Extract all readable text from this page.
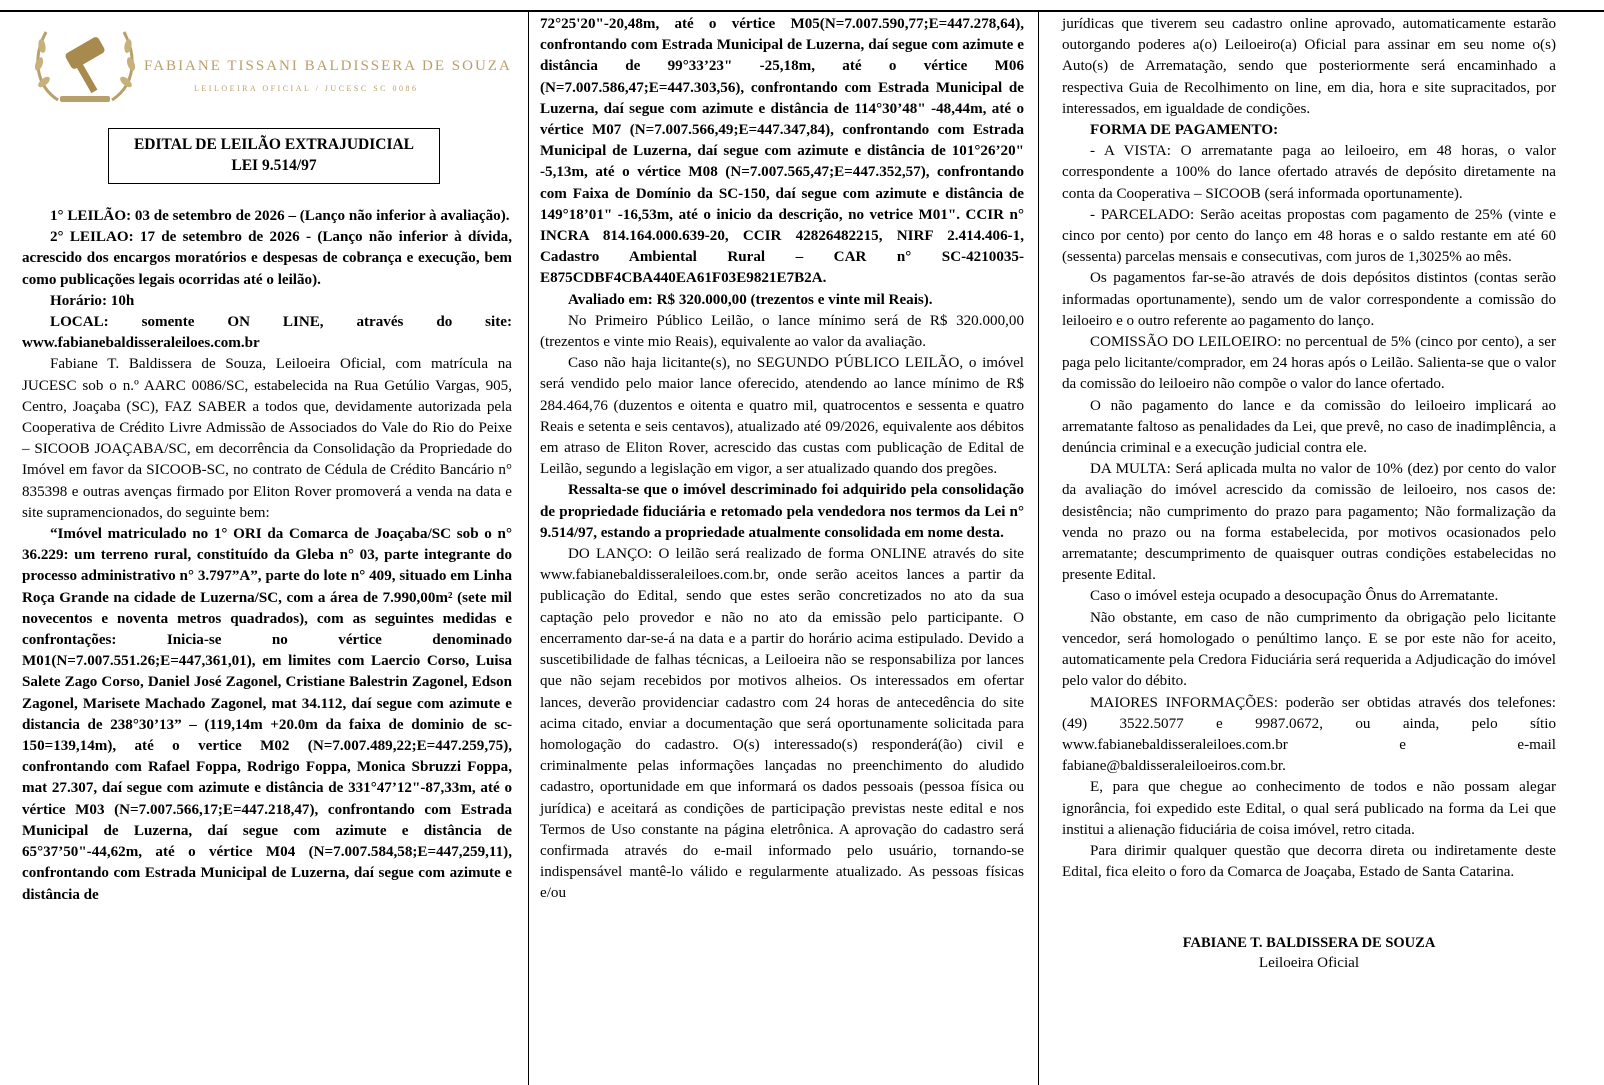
FABIANE TISSANI BALDISSERA DE SOUZA
LEILOEIRA OFICIAL / JUCESC SC 0086
EDITAL DE LEILÃO EXTRAJUDICIAL
LEI 9.514/97

1° LEILÃO: 03 de setembro de 2026 – (Lanço não inferior à avaliação).

2° LEILAO: 17 de setembro de 2026 - (Lanço não inferior à dívida, acrescido dos encargos moratórios e despesas de cobrança e execução, bem como publicações legais ocorridas até o leilão).

Horário: 10h

LOCAL: somente ON LINE, através do site: www.fabianebaldisseraleiloes.com.br

Fabiane T. Baldissera de Souza, Leiloeira Oficial, com matrícula na JUCESC sob o n.º AARC 0086/SC, estabelecida na Rua Getúlio Vargas, 905, Centro, Joaçaba (SC), FAZ SABER a todos que, devidamente autorizada pela Cooperativa de Crédito Livre Admissão de Associados do Vale do Rio do Peixe – SICOOB JOAÇABA/SC, em decorrência da Consolidação da Propriedade do Imóvel em favor da SICOOB-SC, no contrato de Cédula de Crédito Bancário n° 835398 e outras avenças firmado por Eliton Rover promoverá a venda na data e site supramencionados, do seguinte bem:

“Imóvel matriculado no 1° ORI da Comarca de Joaçaba/SC sob o n° 36.229: um terreno rural, constituído da Gleba n° 03, parte integrante do processo administrativo n° 3.797”A”, parte do lote n° 409, situado em Linha Roça Grande na cidade de Luzerna/SC, com a área de 7.990,00m² (sete mil novecentos e noventa metros quadrados), com as seguintes medidas e confrontações: Inicia-se no vértice denominado M01(N=7.007.551.26;E=447,361,01), em limites com Laercio Corso, Luisa Salete Zago Corso, Daniel José Zagonel, Cristiane Balestrin Zagonel, Edson Zagonel, Marisete Machado Zagonel, mat 34.112, daí segue com azimute e distancia de 238°30’13” – (119,14m +20.0m da faixa de dominio de sc-150=139,14m), até o vertice M02 (N=7.007.489,22;E=447.259,75), confrontando com Rafael Foppa, Rodrigo Foppa, Monica Sbruzzi Foppa, mat 27.307, daí segue com azimute e distância de 331°47’12"-87,33m, até o vértice M03 (N=7.007.566,17;E=447.218,47), confrontando com Estrada Municipal de Luzerna, daí segue com azimute e distância de 65°37’50"-44,62m, até o vértice M04 (N=7.007.584,58;E=447,259,11), confrontando com Estrada Municipal de Luzerna, daí segue com azimute e distância de

72°25'20"-20,48m, até o vértice M05(N=7.007.590,77;E=447.278,64), confrontando com Estrada Municipal de Luzerna, daí segue com azimute e distância de 99°33’23" -25,18m, até o vértice M06 (N=7.007.586,47;E=447.303,56), confrontando com Estrada Municipal de Luzerna, daí segue com azimute e distância de 114°30’48" -48,44m, até o vértice M07 (N=7.007.566,49;E=447.347,84), confrontando com Estrada Municipal de Luzerna, daí segue com azimute e distância de 101°26’20" -5,13m, até o vértice M08 (N=7.007.565,47;E=447.352,57), confrontando com Faixa de Domínio da SC-150, daí segue com azimute e distância de 149°18’01" -16,53m, até o inicio da descrição, no vetrice M01". CCIR n° INCRA 814.164.000.639-20, CCIR 42826482215, NIRF 2.414.406-1, Cadastro Ambiental Rural – CAR n° SC-4210035-E875CDBF4CBA440EA61F03E9821E7B2A.

Avaliado em: R$ 320.000,00 (trezentos e vinte mil Reais).

No Primeiro Público Leilão, o lance mínimo será de R$ 320.000,00 (trezentos e vinte mio Reais), equivalente ao valor da avaliação.

Caso não haja licitante(s), no SEGUNDO PÚBLICO LEILÃO, o imóvel será vendido pelo maior lance oferecido, atendendo ao lance mínimo de R$ 284.464,76 (duzentos e oitenta e quatro mil, quatrocentos e sessenta e quatro Reais e setenta e seis centavos), atualizado até 09/2026, equivalente aos débitos em atraso de Eliton Rover, acrescido das custas com publicação de Edital de Leilão, segundo a legislação em vigor, a ser atualizado quando dos pregões.

Ressalta-se que o imóvel descriminado foi adquirido pela consolidação de propriedade fiduciária e retomado pela vendedora nos termos da Lei n° 9.514/97, estando a propriedade atualmente consolidada em nome desta.

DO LANÇO: O leilão será realizado de forma ONLINE através do site www.fabianebaldisseraleiloes.com.br, onde serão aceitos lances a partir da publicação do Edital, sendo que estes serão concretizados no ato da sua captação pelo provedor e não no ato da emissão pelo participante. O encerramento dar-se-á na data e a partir do horário acima estipulado. Devido a suscetibilidade de falhas técnicas, a Leiloeira não se responsabiliza por lances que não sejam recebidos por motivos alheios. Os interessados em ofertar lances, deverão providenciar cadastro com 24 horas de antecedência do site acima citado, enviar a documentação que será oportunamente solicitada para homologação do cadastro. O(s) interessado(s) responderá(ão) civil e criminalmente pelas informações lançadas no preenchimento do aludido cadastro, oportunidade em que informará os dados pessoais (pessoa física ou jurídica) e aceitará as condições de participação previstas neste edital e nos Termos de Uso constante na página eletrônica. A aprovação do cadastro será confirmada através do e-mail informado pelo usuário, tornando-se indispensável mantê-lo válido e regularmente atualizado. As pessoas físicas e/ou

jurídicas que tiverem seu cadastro online aprovado, automaticamente estarão outorgando poderes a(o) Leiloeiro(a) Oficial para assinar em seu nome o(s) Auto(s) de Arrematação, sendo que posteriormente será encaminhado a respectiva Guia de Recolhimento on line, em dia, hora e site supracitados, por interessados, em igualdade de condições.

FORMA DE PAGAMENTO:

- A VISTA: O arrematante paga ao leiloeiro, em 48 horas, o valor correspondente a 100% do lance ofertado através de depósito diretamente na conta da Cooperativa – SICOOB (será informada oportunamente).

- PARCELADO: Serão aceitas propostas com pagamento de 25% (vinte e cinco por cento) por cento do lanço em 48 horas e o saldo restante em até 60 (sessenta) parcelas mensais e consecutivas, com juros de 1,3025% ao mês.

Os pagamentos far-se-ão através de dois depósitos distintos (contas serão informadas oportunamente), sendo um de valor correspondente a comissão do leiloeiro e o outro referente ao pagamento do lanço.

COMISSÃO DO LEILOEIRO: no percentual de 5% (cinco por cento), a ser paga pelo licitante/comprador, em 24 horas após o Leilão. Salienta-se que o valor da comissão do leiloeiro não compõe o valor do lance ofertado.

O não pagamento do lance e da comissão do leiloeiro implicará ao arrematante faltoso as penalidades da Lei, que prevê, no caso de inadimplência, a denúncia criminal e a execução judicial contra ele.

DA MULTA: Será aplicada multa no valor de 10% (dez) por cento do valor da avaliação do imóvel acrescido da comissão de leiloeiro, nos casos de: desistência; não cumprimento do prazo para pagamento; Não formalização da venda no prazo ou na forma estabelecida, por motivos ocasionados pelo arrematante; descumprimento de quaisquer outras condições estabelecidas no presente Edital.

Caso o imóvel esteja ocupado a desocupação Ônus do Arrematante.

Não obstante, em caso de não cumprimento da obrigação pelo licitante vencedor, será homologado o penúltimo lanço. E se por este não for aceito, automaticamente pela Credora Fiduciária será requerida a Adjudicação do imóvel pelo valor do débito.

MAIORES INFORMAÇÕES: poderão ser obtidas através dos telefones: (49) 3522.5077 e 9987.0672, ou ainda, pelo sítio www.fabianebaldisseraleiloes.com.br e e-mail fabiane@baldisseraleiloeiros.com.br.

E, para que chegue ao conhecimento de todos e não possam alegar ignorância, foi expedido este Edital, o qual será publicado na forma da Lei que institui a alienação fiduciária de coisa imóvel, retro citada.

Para dirimir qualquer questão que decorra direta ou indiretamente deste Edital, fica eleito o foro da Comarca de Joaçaba, Estado de Santa Catarina.

FABIANE T. BALDISSERA DE SOUZA
Leiloeira Oficial
